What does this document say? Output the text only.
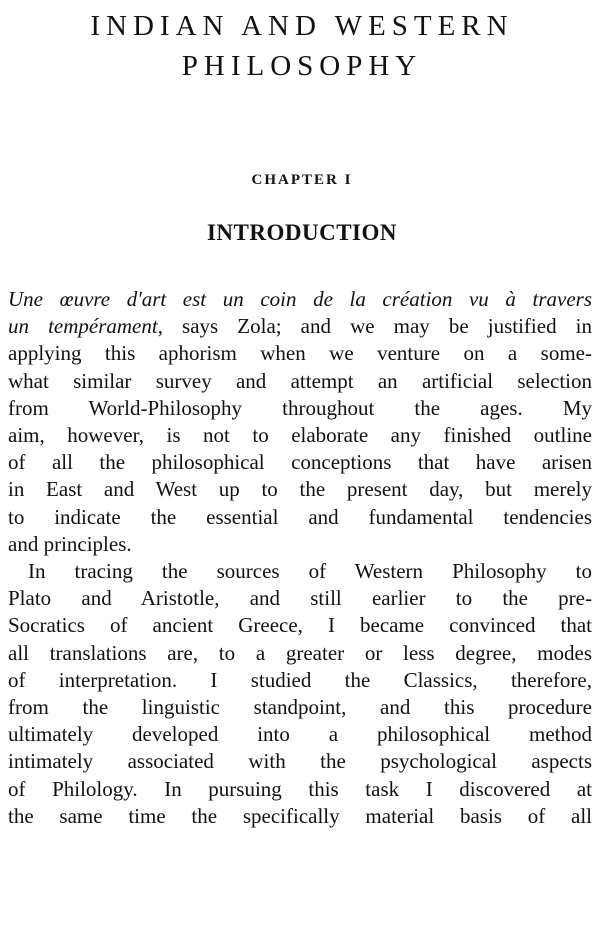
INDIAN AND WESTERN
PHILOSOPHY
CHAPTER I
INTRODUCTION
Une œuvre d'art est un coin de la création vu à travers
un tempérament, says Zola; and we may be justified in
applying this aphorism when we venture on a some-
what similar survey and attempt an artificial selection
from World-Philosophy throughout the ages. My
aim, however, is not to elaborate any finished outline
of all the philosophical conceptions that have arisen
in East and West up to the present day, but merely
to indicate the essential and fundamental tendencies
and principles.
In tracing the sources of Western Philosophy to
Plato and Aristotle, and still earlier to the pre-
Socratics of ancient Greece, I became convinced that
all translations are, to a greater or less degree, modes
of interpretation. I studied the Classics, therefore,
from the linguistic standpoint, and this procedure
ultimately developed into a philosophical method
intimately associated with the psychological aspects
of Philology. In pursuing this task I discovered at
the same time the specifically material basis of all
